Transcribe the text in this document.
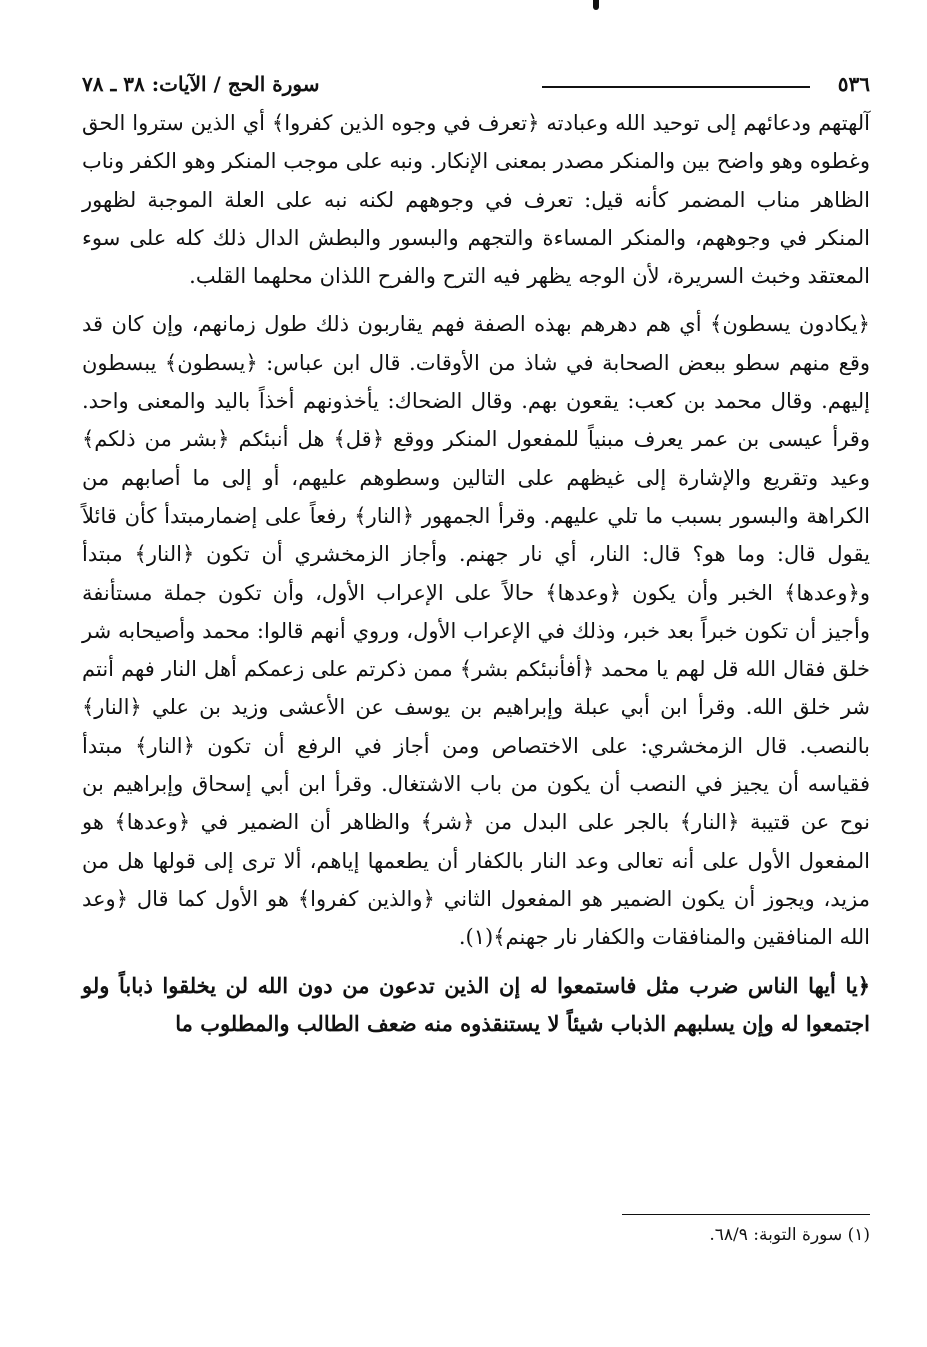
٥٣٦
سورة الحج / الآيات: ٣٨ ـ ٧٨

آلهتهم ودعائهم إلى توحيد الله وعبادته ﴿تعرف في وجوه الذين كفروا﴾ أي الذين ستروا الحق وغطوه وهو واضح بين والمنكر مصدر بمعنى الإنكار. ونبه على موجب المنكر وهو الكفر وناب الظاهر مناب المضمر كأنه قيل: تعرف في وجوههم لكنه نبه على العلة الموجبة لظهور المنكر في وجوههم، والمنكر المساءة والتجهم والبسور والبطش الدال ذلك كله على سوء المعتقد وخبث السريرة، لأن الوجه يظهر فيه الترح والفرح اللذان محلهما القلب.

﴿يكادون يسطون﴾ أي هم دهرهم بهذه الصفة فهم يقاربون ذلك طول زمانهم، وإن كان قد وقع منهم سطو ببعض الصحابة في شاذ من الأوقات. قال ابن عباس: ﴿يسطون﴾ يبسطون إليهم. وقال محمد بن كعب: يقعون بهم. وقال الضحاك: يأخذونهم أخذاً باليد والمعنى واحد. وقرأ عيسى بن عمر يعرف مبنياً للمفعول المنكر ووقع ﴿قل﴾ هل أنبئكم ﴿بشر من ذلكم﴾ وعيد وتقريع والإشارة إلى غيظهم على التالين وسطوهم عليهم، أو إلى ما أصابهم من الكراهة والبسور بسبب ما تلي عليهم. وقرأ الجمهور ﴿النار﴾ رفعاً على إضمارمبتدأ كأن قائلاً يقول قال: وما هو؟ قال: النار، أي نار جهنم. وأجاز الزمخشري أن تكون ﴿النار﴾ مبتدأ و﴿وعدها﴾ الخبر وأن يكون ﴿وعدها﴾ حالاً على الإعراب الأول، وأن تكون جملة مستأنفة وأجيز أن تكون خبراً بعد خبر، وذلك في الإعراب الأول، وروي أنهم قالوا: محمد وأصيحابه شر خلق فقال الله قل لهم يا محمد ﴿أفأنبئكم بشر﴾ ممن ذكرتم على زعمكم أهل النار فهم أنتم شر خلق الله. وقرأ ابن أبي عبلة وإبراهيم بن يوسف عن الأعشى وزيد بن علي ﴿النار﴾ بالنصب. قال الزمخشري: على الاختصاص ومن أجاز في الرفع أن تكون ﴿النار﴾ مبتدأ فقياسه أن يجيز في النصب أن يكون من باب الاشتغال. وقرأ ابن أبي إسحاق وإبراهيم بن نوح عن قتيبة ﴿النار﴾ بالجر على البدل من ﴿شر﴾ والظاهر أن الضمير في ﴿وعدها﴾ هو المفعول الأول على أنه تعالى وعد النار بالكفار أن يطعمها إياهم، ألا ترى إلى قولها هل من مزيد، ويجوز أن يكون الضمير هو المفعول الثاني ﴿والذين كفروا﴾ هو الأول كما قال ﴿وعد الله المنافقين والمنافقات والكفار نار جهنم﴾(١).

﴿يا أيها الناس ضرب مثل فاستمعوا له إن الذين تدعون من دون الله لن يخلقوا ذباباً ولو اجتمعوا له وإن يسلبهم الذباب شيئاً لا يستنقذوه منه ضعف الطالب والمطلوب ما

(١) سورة التوبة: ٦٨/٩.
